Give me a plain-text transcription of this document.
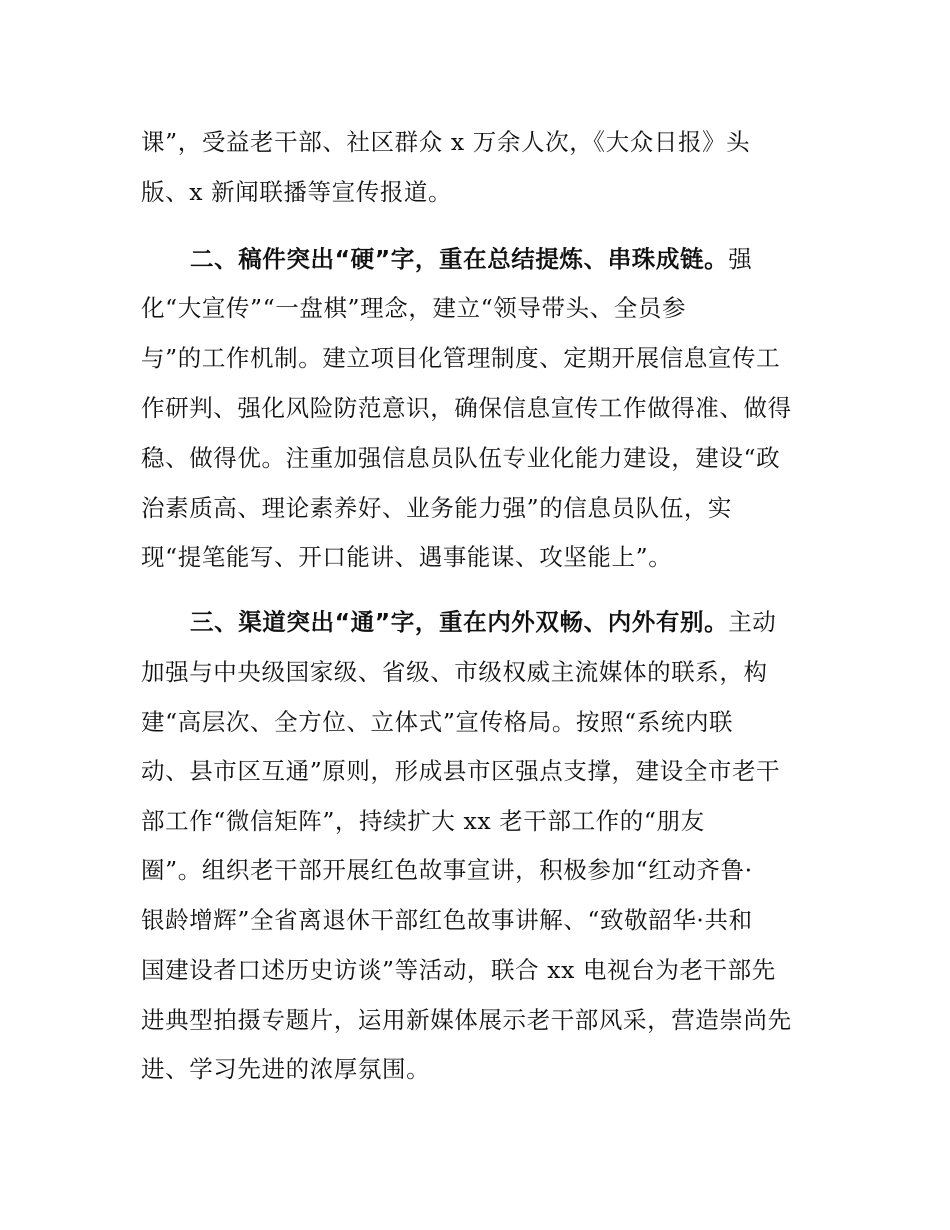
课”，受益老干部、社区群众 x 万余人次，《大众日报》头
版、x 新闻联播等宣传报道。
二、稿件突出“硬”字，重在总结提炼、串珠成链。强
化“大宣传”“一盘棋”理念，建立“领导带头、全员参
与”的工作机制。建立项目化管理制度、定期开展信息宣传工
作研判、强化风险防范意识，确保信息宣传工作做得准、做得
稳、做得优。注重加强信息员队伍专业化能力建设，建设“政
治素质高、理论素养好、业务能力强”的信息员队伍，实
现“提笔能写、开口能讲、遇事能谋、攻坚能上”。
三、渠道突出“通”字，重在内外双畅、内外有别。主动
加强与中央级国家级、省级、市级权威主流媒体的联系，构
建“高层次、全方位、立体式”宣传格局。按照“系统内联
动、县市区互通”原则，形成县市区强点支撑，建设全市老干
部工作“微信矩阵”，持续扩大 xx 老干部工作的“朋友
圈”。组织老干部开展红色故事宣讲，积极参加“红动齐鲁·
银龄增辉”全省离退休干部红色故事讲解、“致敬韶华·共和
国建设者口述历史访谈”等活动，联合 xx 电视台为老干部先
进典型拍摄专题片，运用新媒体展示老干部风采，营造崇尚先
进、学习先进的浓厚氛围。
